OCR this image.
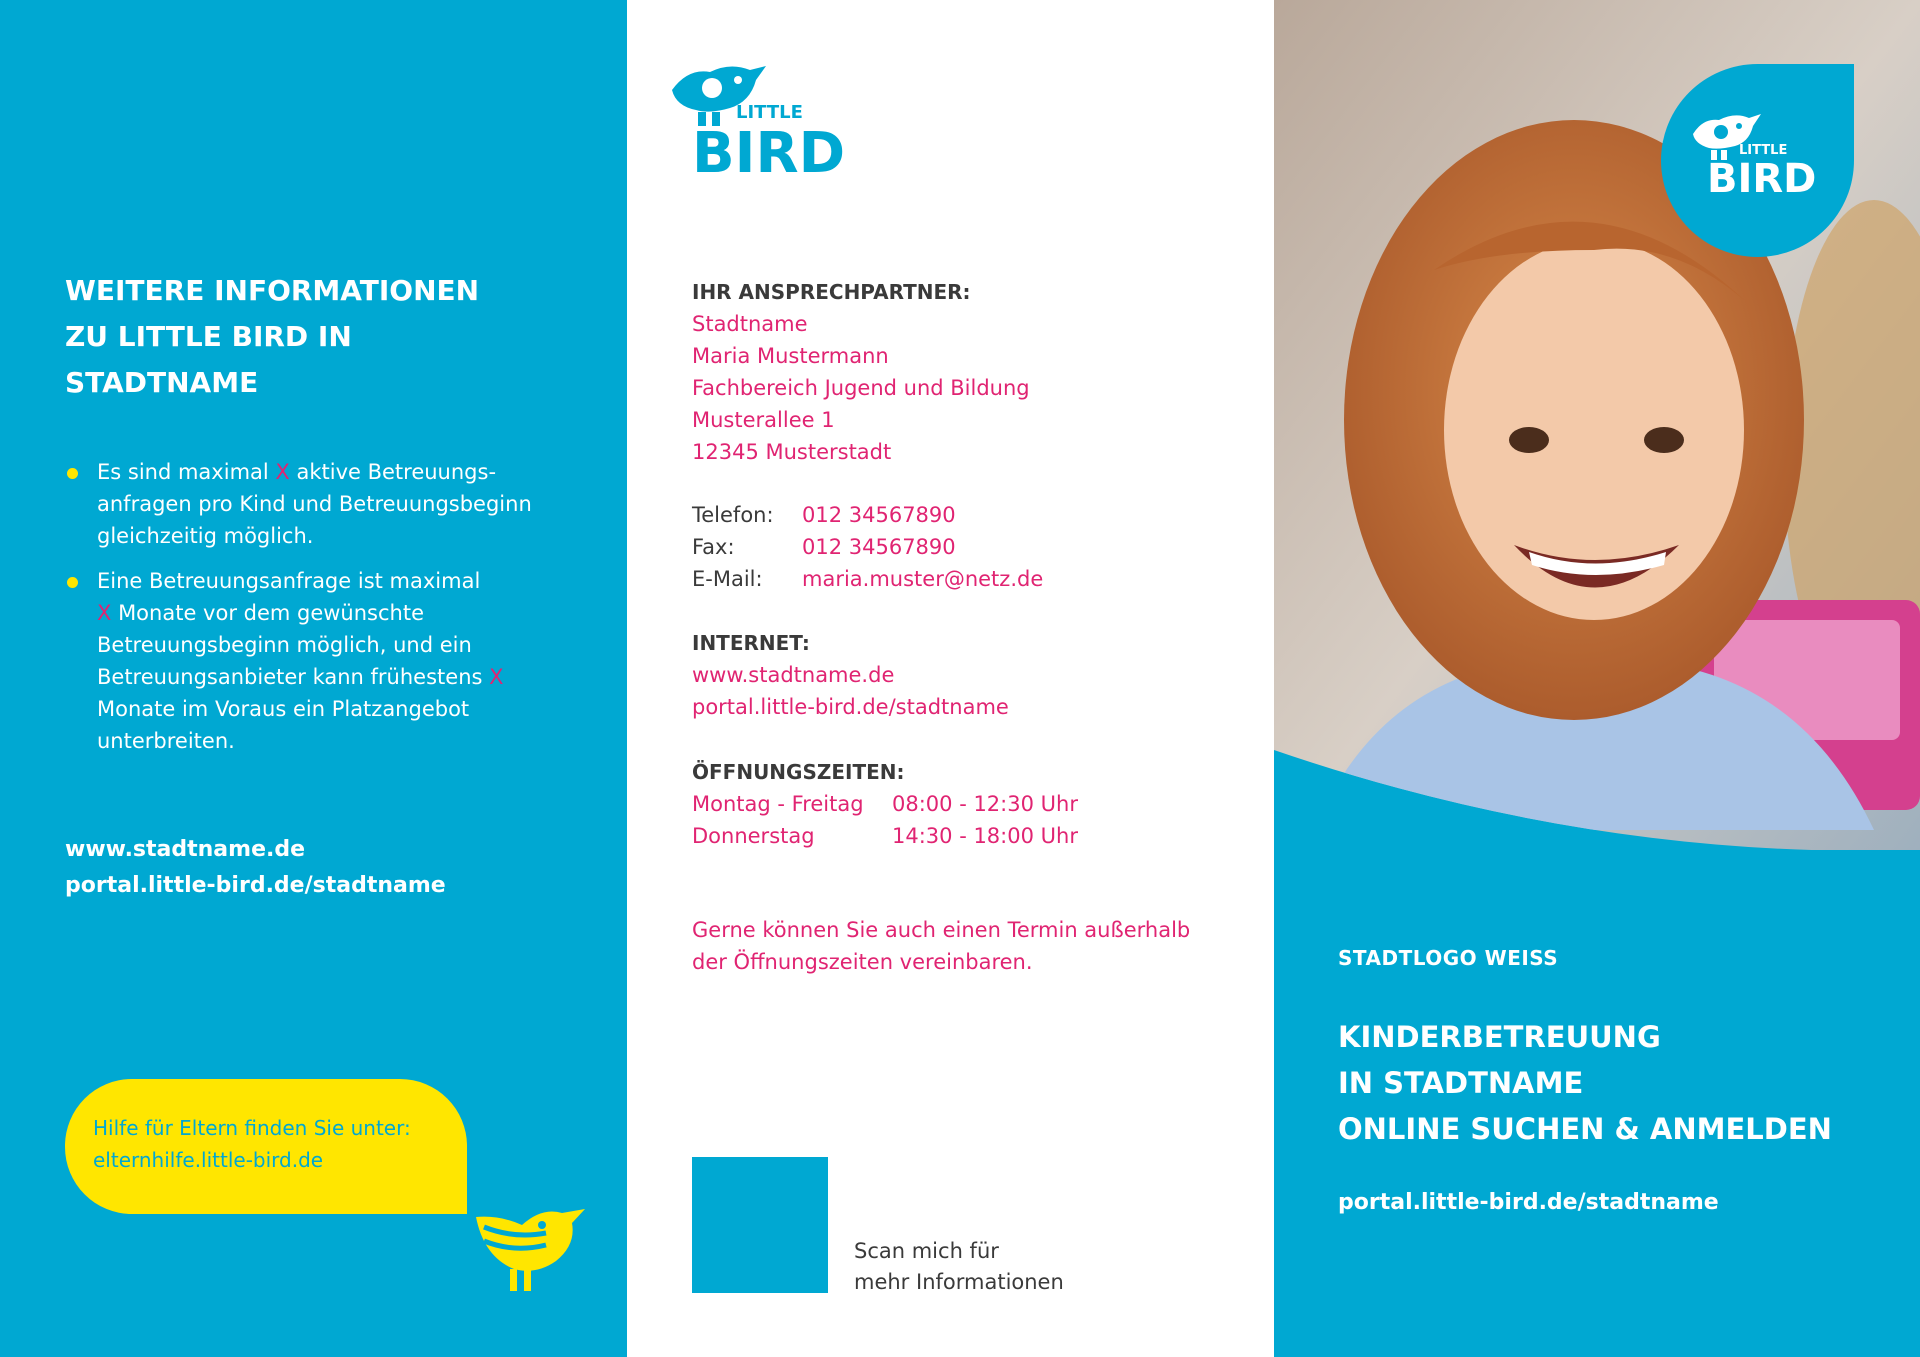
WEITERE INFORMATIONEN
ZU LITTLE BIRD IN
STADTNAME
Es sind maximal X aktive Betreuungs-anfragen pro Kind und Betreuungsbeginn gleichzeitig möglich.
Eine Betreuungsanfrage ist maximal
X Monate vor dem gewünschte Betreuungsbeginn möglich, und ein Betreuungsanbieter kann frühestens X Monate im Voraus ein Platzangebot unterbreiten.
www.stadtname.de
portal.little-bird.de/stadtname
Hilfe für Eltern finden Sie unter:
elternhilfe.little-bird.de
LITTLE
BIRD
IHR ANSPRECHPARTNER:
Stadtname
Maria Mustermann
Fachbereich Jugend und Bildung
Musterallee 1
12345 Musterstadt
Telefon:	012 34567890
Fax:	012 34567890
E-Mail:	maria.muster@netz.de
INTERNET:
www.stadtname.de
portal.little-bird.de/stadtname
ÖFFNUNGSZEITEN:
Montag - Freitag	08:00 - 12:30 Uhr
Donnerstag	14:30 - 18:00 Uhr
Gerne können Sie auch einen Termin außerhalb
der Öffnungszeiten vereinbaren.
Scan mich für
mehr Informationen
LITTLE
BIRD
STADTLOGO WEISS
KINDERBETREUUNG
IN STADTNAME
ONLINE SUCHEN & ANMELDEN
portal.little-bird.de/stadtname
